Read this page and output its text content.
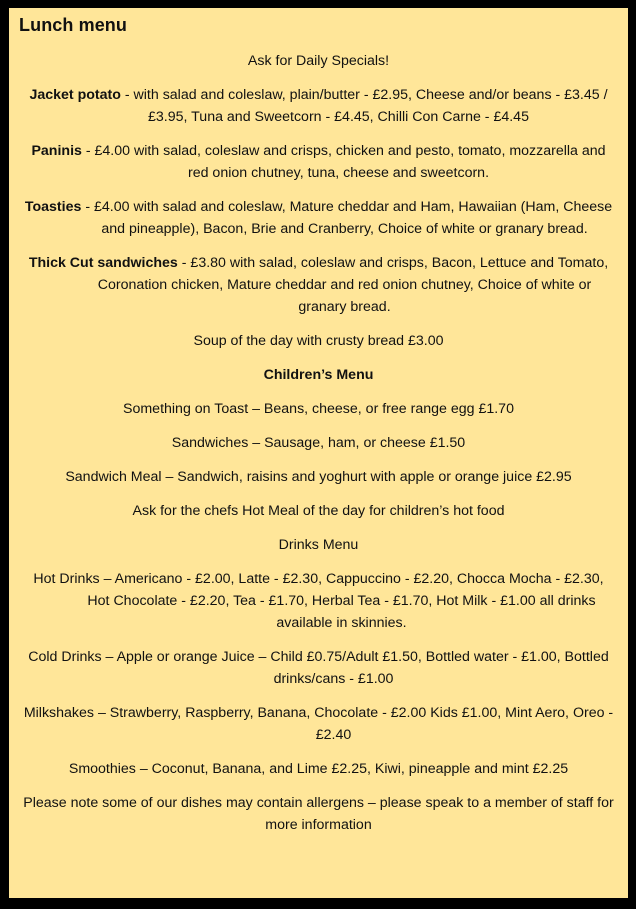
Lunch menu

Ask for Daily Specials!

Jacket potato - with salad and coleslaw, plain/butter - £2.95, Cheese and/or beans - £3.45 / £3.95, Tuna and Sweetcorn - £4.45, Chilli Con Carne - £4.45

Paninis - £4.00 with salad, coleslaw and crisps, chicken and pesto, tomato, mozzarella and red onion chutney, tuna, cheese and sweetcorn.

Toasties - £4.00 with salad and coleslaw, Mature cheddar and Ham, Hawaiian (Ham, Cheese and pineapple), Bacon, Brie and Cranberry, Choice of white or granary bread.

Thick Cut sandwiches - £3.80 with salad, coleslaw and crisps, Bacon, Lettuce and Tomato, Coronation chicken, Mature cheddar and red onion chutney, Choice of white or granary bread.

Soup of the day with crusty bread £3.00

Children’s Menu

Something on Toast – Beans, cheese, or free range egg £1.70

Sandwiches – Sausage, ham, or cheese £1.50

Sandwich Meal – Sandwich, raisins and yoghurt with apple or orange juice £2.95

Ask for the chefs Hot Meal of the day for children’s hot food

Drinks Menu

Hot Drinks – Americano - £2.00, Latte - £2.30, Cappuccino - £2.20, Chocca Mocha - £2.30, Hot Chocolate - £2.20, Tea - £1.70, Herbal Tea - £1.70, Hot Milk - £1.00 all drinks available in skinnies.

Cold Drinks – Apple or orange Juice – Child £0.75/Adult £1.50, Bottled water - £1.00, Bottled drinks/cans - £1.00

Milkshakes – Strawberry, Raspberry, Banana, Chocolate - £2.00 Kids £1.00, Mint Aero, Oreo - £2.40

Smoothies – Coconut, Banana, and Lime £2.25, Kiwi, pineapple and mint £2.25

Please note some of our dishes may contain allergens – please speak to a member of staff for more information
